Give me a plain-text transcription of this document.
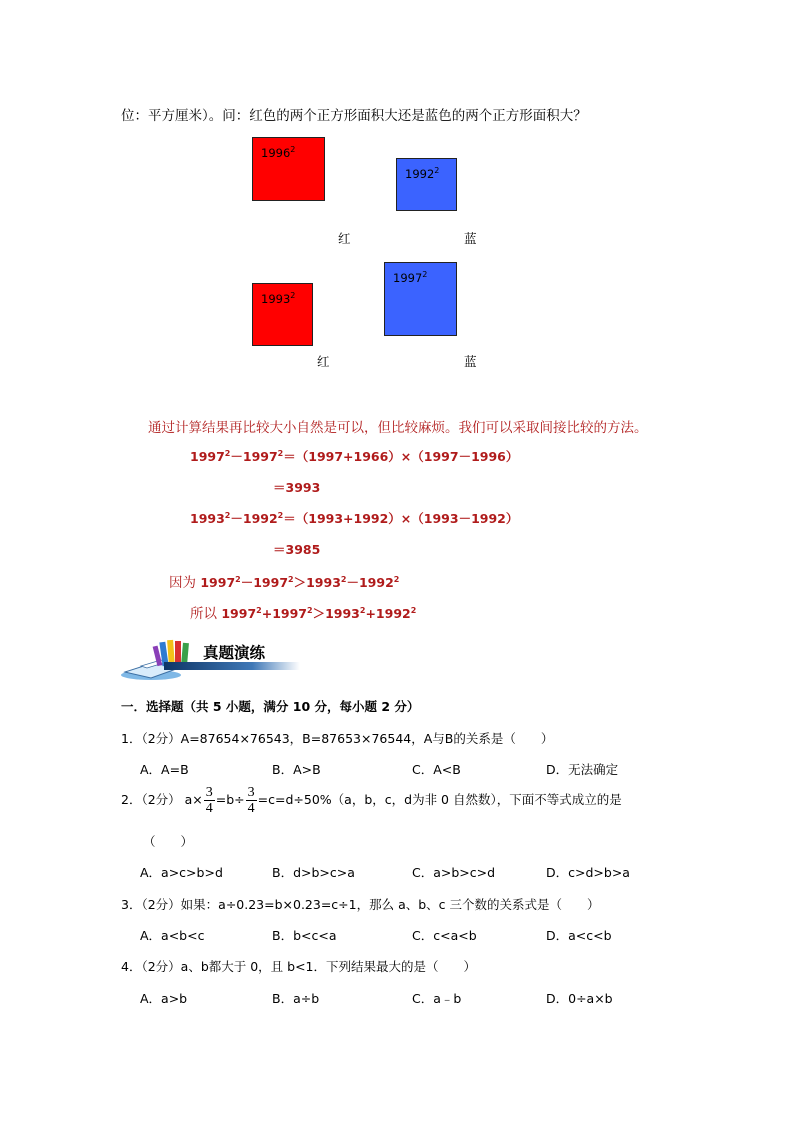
位：平方厘米）。问：红色的两个正方形面积大还是蓝色的两个正方形面积大？
1996$^2$
1992$^2$
红	蓝
1993$^2$
1997$^2$
红	蓝
通过计算结果再比较大小自然是可以，但比较麻烦。我们可以采取间接比较的方法。
$1997^2-1997^2=(1997+1966)\times(1997-1996)$
＝3993
$1993^2-1992^2=(1993+1992)\times(1993-1992)$
＝3985
因为 $1997^2-1997^2>1993^2-1992^2$
所以 $1997^2+1997^2>1993^2+1992^2$
真题演练
一．选择题（共 5 小题，满分 10 分，每小题 2 分）
1．（2分）A=87654×76543，B=87653×76544，A与B的关系是（　　）
A．A=B	B．A>B	C．A<B	D．无法确定
2．（2分） $a\times \frac{3}{4} =b\div \frac{3}{4} =c=d\div 50\%(a$，b，c，d为非 0 自然数），下面不等式成立的是
（　　）
A．a>c>b>d	B．d>b>c>a	C．a>b>c>d	D．c>d>b>a
3．（2分）如果：a÷0.23=b×0.23=c÷1，那么 a、b、c 三个数的关系式是（　　）
A．a<b<c	B．b<c<a	C．c<a<b	D．a<c<b
4．（2分）a、b都大于 0，且 b<1．下列结果最大的是（　　）
A．a>b	B．a÷b	C．a﹣b	D．0÷a×b
